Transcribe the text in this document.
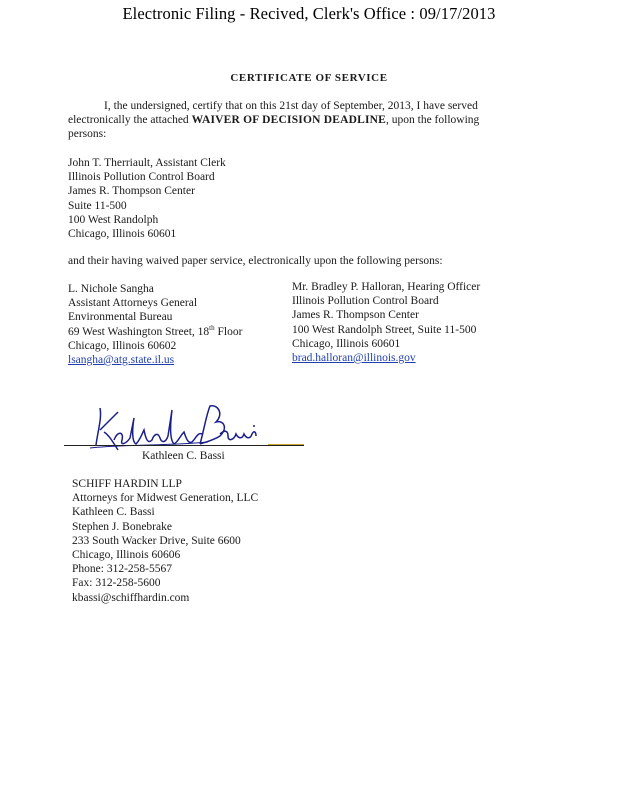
Electronic Filing - Recived, Clerk's Office : 09/17/2013
CERTIFICATE OF SERVICE
I, the undersigned, certify that on this 21st day of September, 2013, I have served electronically the attached WAIVER OF DECISION DEADLINE, upon the following persons:
John T. Therriault, Assistant Clerk
Illinois Pollution Control Board
James R. Thompson Center
Suite 11-500
100 West Randolph
Chicago, Illinois 60601
and their having waived paper service, electronically upon the following persons:
L. Nichole Sangha
Assistant Attorneys General
Environmental Bureau
69 West Washington Street, 18th Floor
Chicago, Illinois 60602
lsangha@atg.state.il.us
Mr. Bradley P. Halloran, Hearing Officer
Illinois Pollution Control Board
James R. Thompson Center
100 West Randolph Street, Suite 11-500
Chicago, Illinois 60601
brad.halloran@illinois.gov
Kathleen C. Bassi
SCHIFF HARDIN LLP
Attorneys for Midwest Generation, LLC
Kathleen C. Bassi
Stephen J. Bonebrake
233 South Wacker Drive, Suite 6600
Chicago, Illinois 60606
Phone: 312-258-5567
Fax: 312-258-5600
kbassi@schiffhardin.com
